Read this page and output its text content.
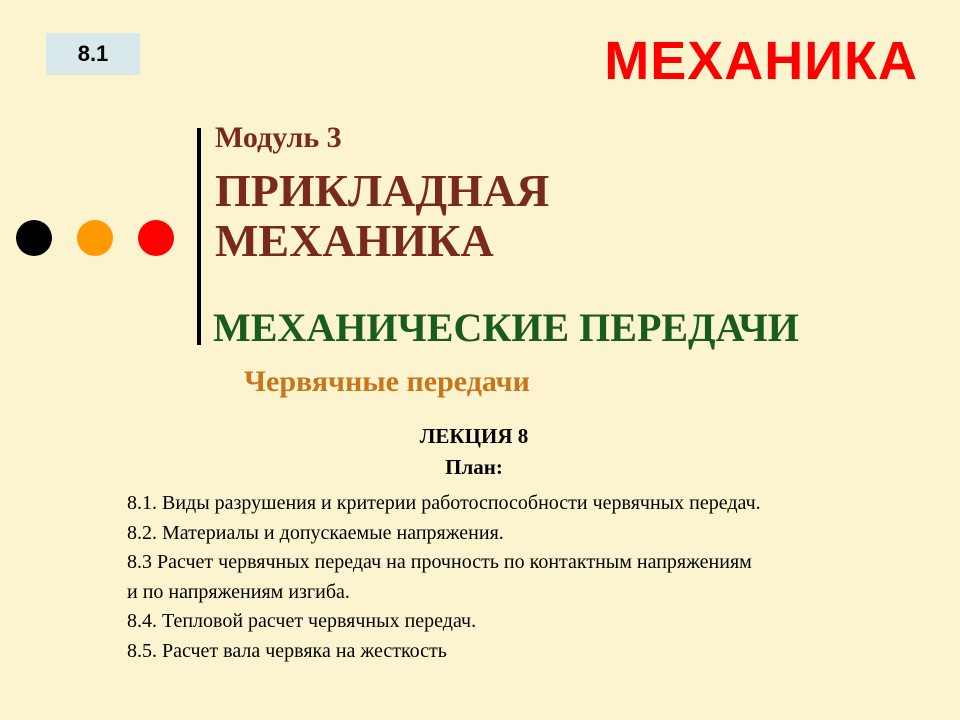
8.1	МЕХАНИКА
Модуль 3
ПРИКЛАДНАЯ
МЕХАНИКА
МЕХАНИЧЕСКИЕ ПЕРЕДАЧИ
Червячные передачи
ЛЕКЦИЯ 8
План:
8.1. Виды разрушения и критерии работоспособности червячных передач.
8.2. Материалы и допускаемые напряжения.
8.3 Расчет червячных передач на прочность по контактным напряжениям
и по напряжениям изгиба.
8.4. Тепловой расчет червячных передач.
8.5. Расчет вала червяка на жесткость
